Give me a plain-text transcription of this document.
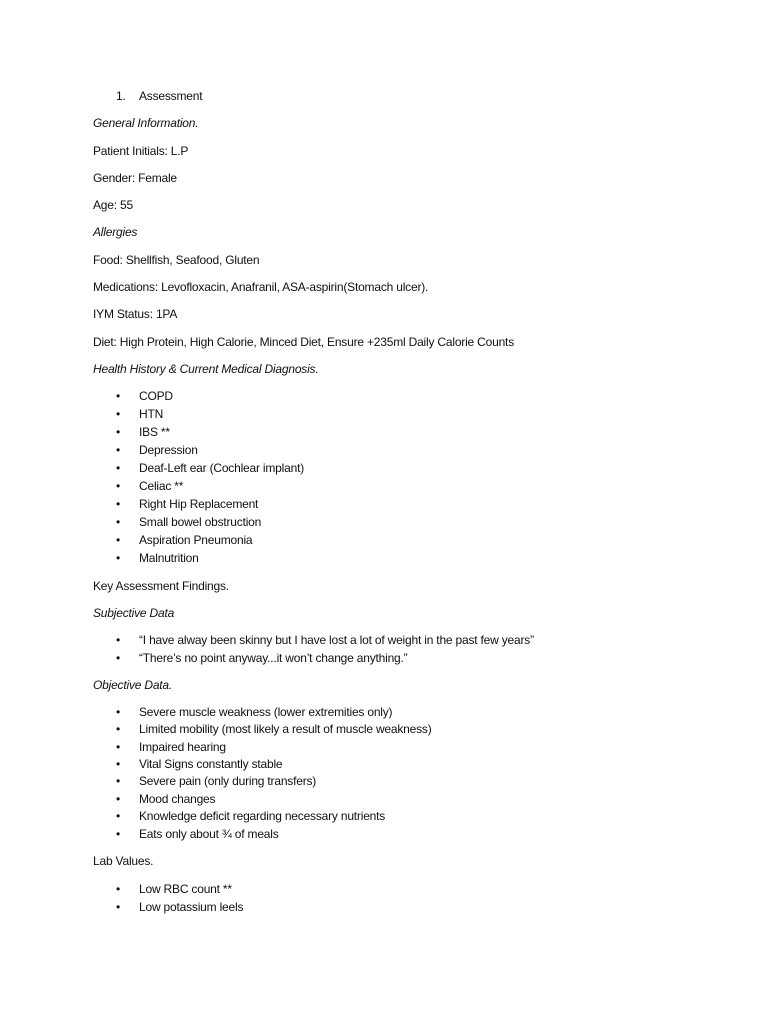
1. Assessment
General Information.
Patient Initials: L.P
Gender: Female
Age: 55
Allergies
Food: Shellfish, Seafood, Gluten
Medications: Levofloxacin, Anafranil, ASA-aspirin(Stomach ulcer).
IYM Status: 1PA
Diet: High Protein, High Calorie, Minced Diet, Ensure +235ml Daily Calorie Counts
Health History & Current Medical Diagnosis.
• COPD
• HTN
• IBS **
• Depression
• Deaf-Left ear (Cochlear implant)
• Celiac **
• Right Hip Replacement
• Small bowel obstruction
• Aspiration Pneumonia
• Malnutrition
Key Assessment Findings.
Subjective Data
• “I have alway been skinny but I have lost a lot of weight in the past few years”
• “There’s no point anyway...it won’t change anything.”
Objective Data.
• Severe muscle weakness (lower extremities only)
• Limited mobility (most likely a result of muscle weakness)
• Impaired hearing
• Vital Signs constantly stable
• Severe pain (only during transfers)
• Mood changes
• Knowledge deficit regarding necessary nutrients
• Eats only about ¾ of meals
Lab Values.
• Low RBC count **
• Low potassium leels
